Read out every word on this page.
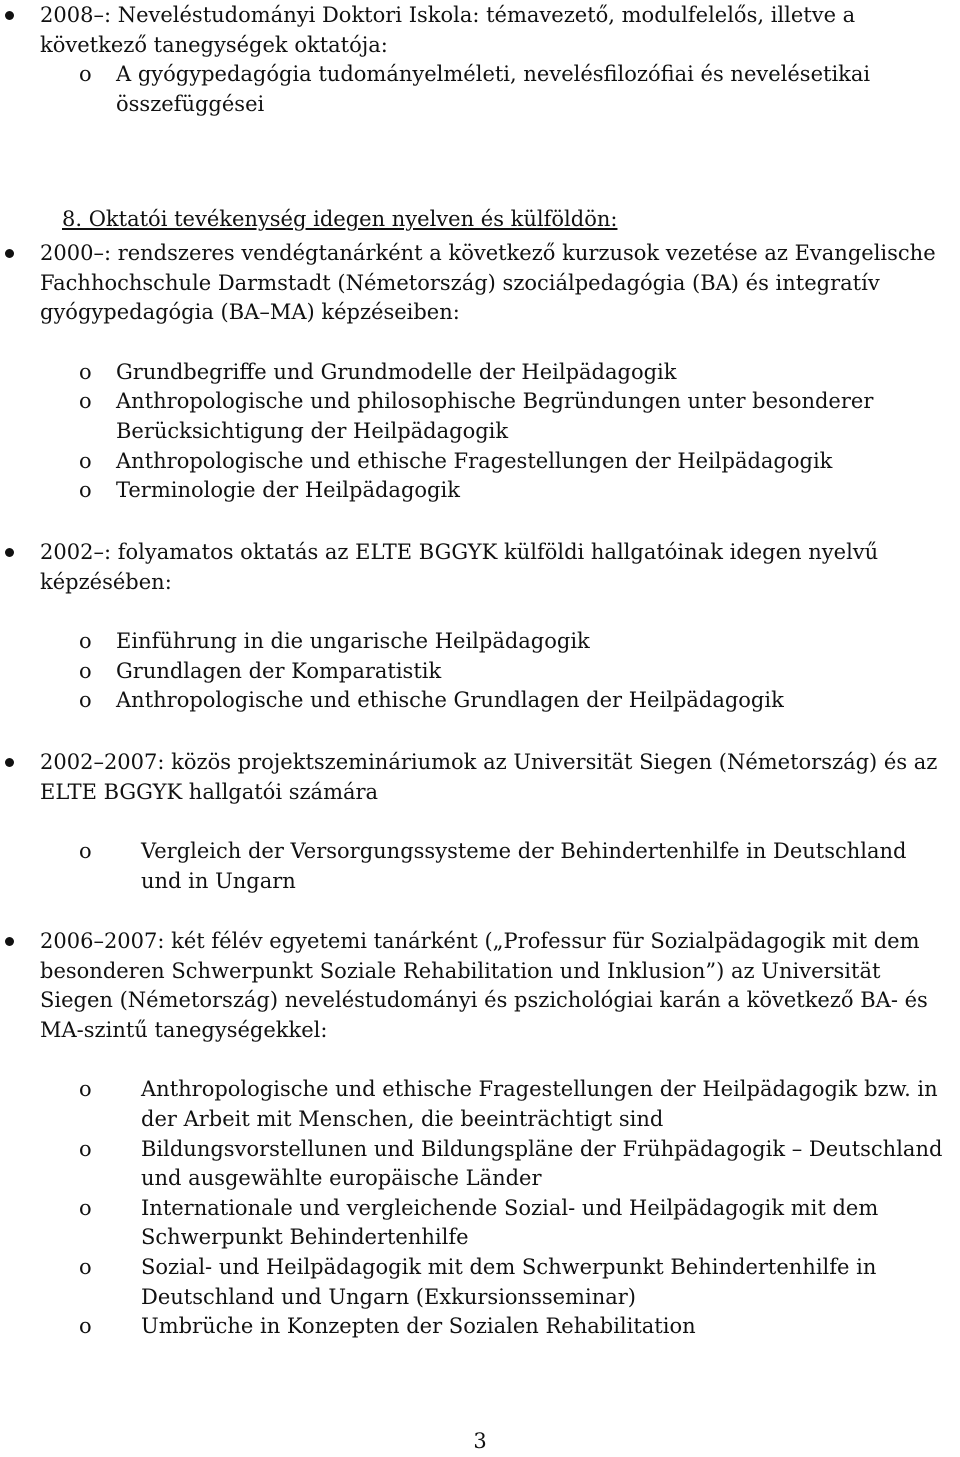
2008–: Neveléstudományi Doktori Iskola: témavezető, modulfelelős, illetve a következő tanegységek oktatója:
o A gyógypedagógia tudományelméleti, nevelésfilozófiai és nevelésetikai összefüggései
8. Oktatói tevékenység idegen nyelven és külföldön:
2000–: rendszeres vendégtanárként a következő kurzusok vezetése az Evangelische Fachhochschule Darmstadt (Németország) szociálpedagógia (BA) és integratív gyógypedagógia (BA–MA) képzéseiben:
o Grundbegriffe und Grundmodelle der Heilpädagogik
o Anthropologische und philosophische Begründungen unter besonderer Berücksichtigung der Heilpädagogik
o Anthropologische und ethische Fragestellungen der Heilpädagogik
o Terminologie der Heilpädagogik
2002–: folyamatos oktatás az ELTE BGGYK külföldi hallgatóinak idegen nyelvű képzésében:
o Einführung in die ungarische Heilpädagogik
o Grundlagen der Komparatistik
o Anthropologische und ethische Grundlagen der Heilpädagogik
2002–2007: közös projektszemináriumok az Universität Siegen (Németország) és az ELTE BGGYK hallgatói számára
o Vergleich der Versorgungssysteme der Behindertenhilfe in Deutschland und in Ungarn
2006–2007: két félév egyetemi tanárként („Professur für Sozialpädagogik mit dem besonderen Schwerpunkt Soziale Rehabilitation und Inklusion”) az Universität Siegen (Németország) neveléstudományi és pszichológiai karán a következő BA- és MA-szintű tanegységekkel:
o Anthropologische und ethische Fragestellungen der Heilpädagogik bzw. in der Arbeit mit Menschen, die beeinträchtigt sind
o Bildungsvorstellunen und Bildungspläne der Frühpädagogik – Deutschland und ausgewählte europäische Länder
o Internationale und vergleichende Sozial- und Heilpädagogik mit dem Schwerpunkt Behindertenhilfe
o Sozial- und Heilpädagogik mit dem Schwerpunkt Behindertenhilfe in Deutschland und Ungarn (Exkursionsseminar)
o Umbrüche in Konzepten der Sozialen Rehabilitation
3
